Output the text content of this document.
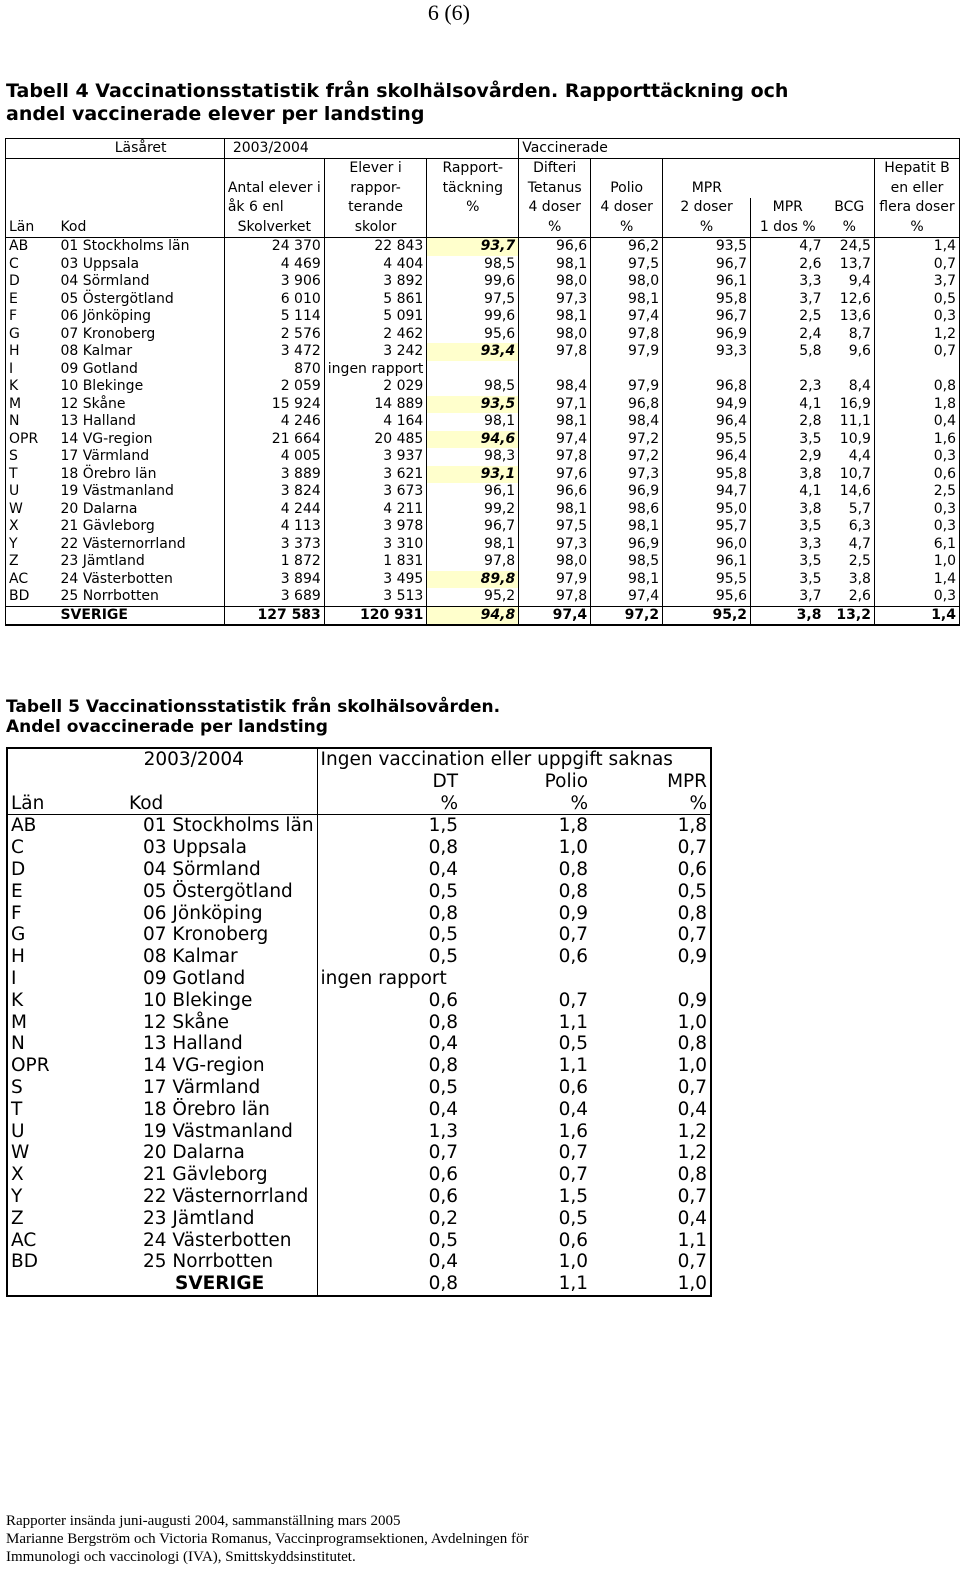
6 (6)
Tabell 4 Vaccinationsstatistik från skolhälsovården. Rapporttäckning och
andel vaccinerade elever per landsting
	Läsåret	2003/2004			Vaccinerade					
			Elever i	Rapport-	Difteri					Hepatit B
		Antal elever i	rappor-	täckning	Tetanus	Polio	MPR			en eller
		åk 6 enl	terande	%	4 doser	4 doser	2 doser	MPR	BCG	flera doser
Län	Kod	Skolverket	skolor		%	%	%	1 dos %	%	%
AB	01 Stockholms län	24 370	22 843	93,7	96,6	96,2	93,5	4,7	24,5	1,4
C	03 Uppsala	4 469	4 404	98,5	98,1	97,5	96,7	2,6	13,7	0,7
D	04 Sörmland	3 906	3 892	99,6	98,0	98,0	96,1	3,3	9,4	3,7
E	05 Östergötland	6 010	5 861	97,5	97,3	98,1	95,8	3,7	12,6	0,5
F	06 Jönköping	5 114	5 091	99,6	98,1	97,4	96,7	2,5	13,6	0,3
G	07 Kronoberg	2 576	2 462	95,6	98,0	97,8	96,9	2,4	8,7	1,2
H	08 Kalmar	3 472	3 242	93,4	97,8	97,9	93,3	5,8	9,6	0,7
I	09 Gotland	870	ingen rapport							
K	10 Blekinge	2 059	2 029	98,5	98,4	97,9	96,8	2,3	8,4	0,8
M	12 Skåne	15 924	14 889	93,5	97,1	96,8	94,9	4,1	16,9	1,8
N	13 Halland	4 246	4 164	98,1	98,1	98,4	96,4	2,8	11,1	0,4
OPR	14 VG-region	21 664	20 485	94,6	97,4	97,2	95,5	3,5	10,9	1,6
S	17 Värmland	4 005	3 937	98,3	97,8	97,2	96,4	2,9	4,4	0,3
T	18 Örebro län	3 889	3 621	93,1	97,6	97,3	95,8	3,8	10,7	0,6
U	19 Västmanland	3 824	3 673	96,1	96,6	96,9	94,7	4,1	14,6	2,5
W	20 Dalarna	4 244	4 211	99,2	98,1	98,6	95,0	3,8	5,7	0,3
X	21 Gävleborg	4 113	3 978	96,7	97,5	98,1	95,7	3,5	6,3	0,3
Y	22 Västernorrland	3 373	3 310	98,1	97,3	96,9	96,0	3,3	4,7	6,1
Z	23 Jämtland	1 872	1 831	97,8	98,0	98,5	96,1	3,5	2,5	1,0
AC	24 Västerbotten	3 894	3 495	89,8	97,9	98,1	95,5	3,5	3,8	1,4
BD	25 Norrbotten	3 689	3 513	95,2	97,8	97,4	95,6	3,7	2,6	0,3
	SVERIGE	127 583	120 931	94,8	97,4	97,2	95,2	3,8	13,2	1,4
Tabell 5 Vaccinationsstatistik från skolhälsovården.
Andel ovaccinerade per landsting
	2003/2004	Ingen vaccination eller uppgift saknas		
		DT	Polio	MPR
Län	Kod	%	%	%
AB	01 Stockholms län	1,5	1,8	1,8
C	03 Uppsala	0,8	1,0	0,7
D	04 Sörmland	0,4	0,8	0,6
E	05 Östergötland	0,5	0,8	0,5
F	06 Jönköping	0,8	0,9	0,8
G	07 Kronoberg	0,5	0,7	0,7
H	08 Kalmar	0,5	0,6	0,9
I	09 Gotland	ingen rapport		
K	10 Blekinge	0,6	0,7	0,9
M	12 Skåne	0,8	1,1	1,0
N	13 Halland	0,4	0,5	0,8
OPR	14 VG-region	0,8	1,1	1,0
S	17 Värmland	0,5	0,6	0,7
T	18 Örebro län	0,4	0,4	0,4
U	19 Västmanland	1,3	1,6	1,2
W	20 Dalarna	0,7	0,7	1,2
X	21 Gävleborg	0,6	0,7	0,8
Y	22 Västernorrland	0,6	1,5	0,7
Z	23 Jämtland	0,2	0,5	0,4
AC	24 Västerbotten	0,5	0,6	1,1
BD	25 Norrbotten	0,4	1,0	0,7
	SVERIGE	0,8	1,1	1,0
Rapporter insända juni-augusti 2004, sammanställning mars 2005
Marianne Bergström och Victoria Romanus, Vaccinprogramsektionen, Avdelningen för
Immunologi och vaccinologi (IVA), Smittskyddsinstitutet.
